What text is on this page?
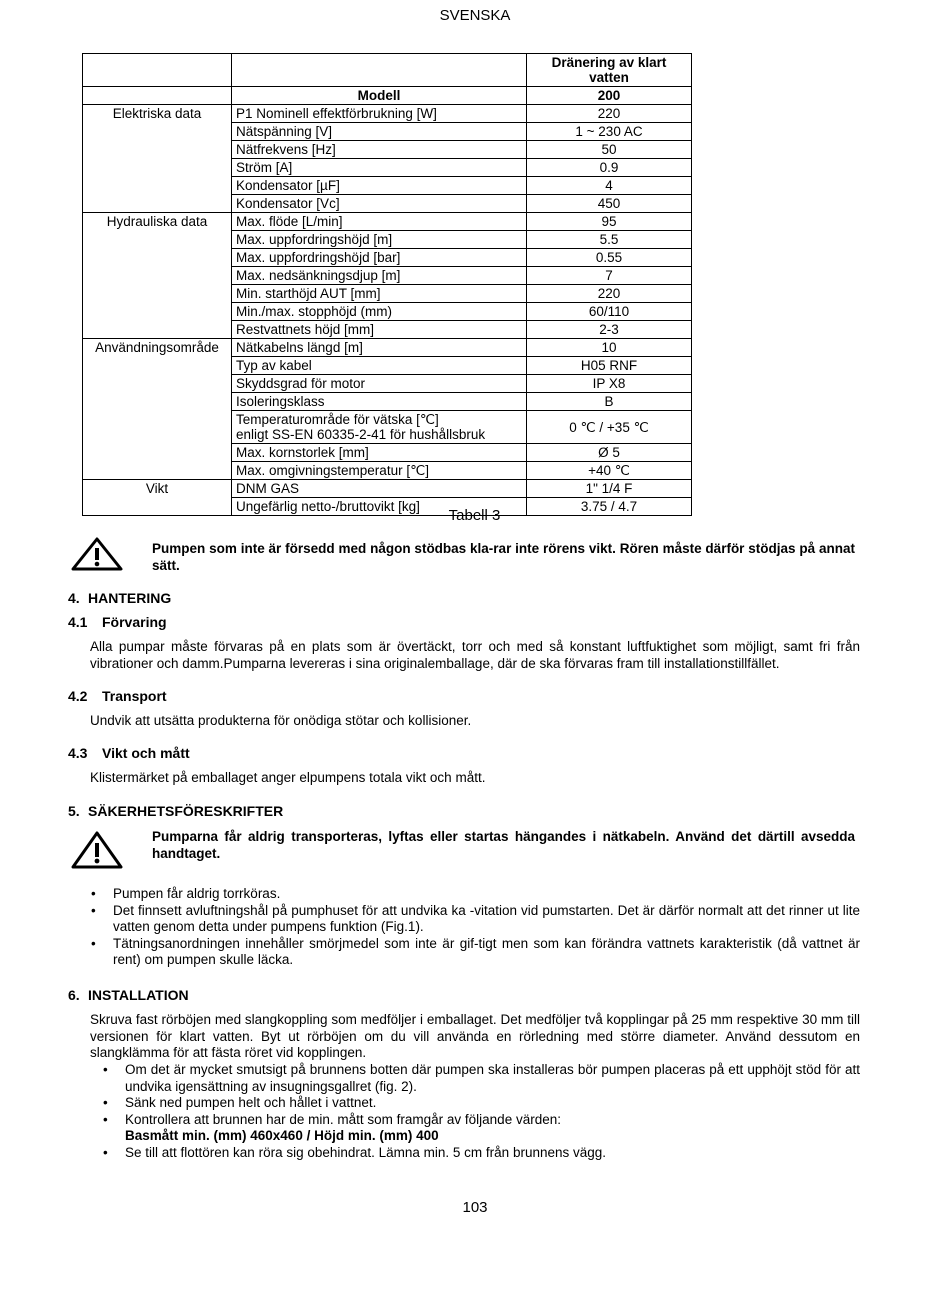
SVENSKA
		Dränering av klart vatten
	Modell	200
Elektriska data	P1 Nominell effektförbrukning [W]	220
	Nätspänning [V]	1 ~ 230 AC
	Nätfrekvens [Hz]	50
	Ström [A]	0.9
	Kondensator [µF]	4
	Kondensator [Vc]	450
Hydrauliska data	Max. flöde [L/min]	95
	Max. uppfordringshöjd [m]	5.5
	Max. uppfordringshöjd [bar]	0.55
	Max. nedsänkningsdjup [m]	7
	Min. starthöjd AUT [mm]	220
	Min./max. stopphöjd (mm)	60/110
	Restvattnets höjd [mm]	2-3
Användningsområde	Nätkabelns längd [m]	10
	Typ av kabel	H05 RNF
	Skyddsgrad för motor	IP X8
	Isoleringsklass	B

	Temperaturområde för vätska [℃]
enligt SS-EN 60335-2-41 för hushållsbruk	0 ℃ / +35 ℃
	Max. kornstorlek [mm]	Ø 5
	Max. omgivningstemperatur [℃]	+40 ℃
Vikt	DNM GAS	1" 1/4 F
	Ungefärlig netto-/bruttovikt [kg]	3.75 / 4.7
Tabell 3
Pumpen som inte är försedd med någon stödbas kla-rar inte rörens vikt. Rören måste därför stödjas på annat sätt.
4. HANTERING
4.1 Förvaring
Alla pumpar måste förvaras på en plats som är övertäckt, torr och med så konstant luftfuktighet som möjligt, samt fri från vibrationer och damm.Pumparna levereras i sina originalemballage, där de ska förvaras fram till installationstillfället.
4.2 Transport
Undvik att utsätta produkterna för onödiga stötar och kollisioner.
4.3 Vikt och mått
Klistermärket på emballaget anger elpumpens totala vikt och mått.
5. SÄKERHETSFÖRESKRIFTER
Pumparna får aldrig transporteras, lyftas eller startas hängandes i nätkabeln. Använd det därtill avsedda handtaget.
• Pumpen får aldrig torrköras.
• Det finnsett avluftningshål på pumphuset för att undvika ka -vitation vid pumstarten. Det är därför normalt att det rinner ut lite vatten genom detta under pumpens funktion (Fig.1).
• Tätningsanordningen innehåller smörjmedel som inte är gif-tigt men som kan förändra vattnets karakteristik (då vattnet är rent) om pumpen skulle läcka.
6. INSTALLATION
Skruva fast rörböjen med slangkoppling som medföljer i emballaget. Det medföljer två kopplingar på 25 mm respektive 30 mm till versionen för klart vatten. Byt ut rörböjen om du vill använda en rörledning med större diameter. Använd dessutom en slangklämma för att fästa röret vid kopplingen.
• Om det är mycket smutsigt på brunnens botten där pumpen ska installeras bör pumpen placeras på ett upphöjt stöd för att undvika igensättning av insugningsgallret (fig. 2).
• Sänk ned pumpen helt och hållet i vattnet.
• Kontrollera att brunnen har de min. mått som framgår av följande värden:
Basmått min. (mm) 460x460 / Höjd min. (mm) 400
• Se till att flottören kan röra sig obehindrat. Lämna min. 5 cm från brunnens vägg.
103
